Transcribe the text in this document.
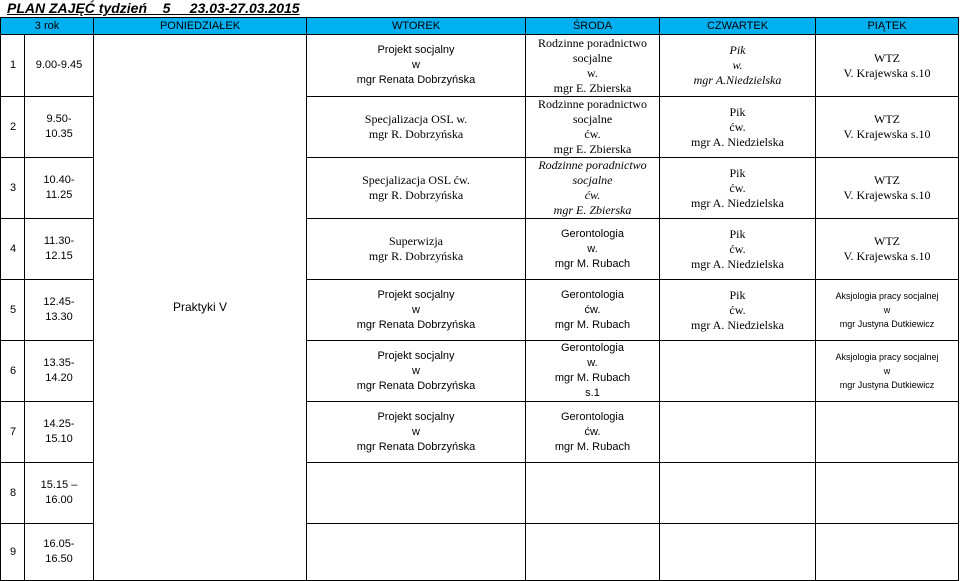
PLAN ZAJĘĆ tydzień    5     23.03-27.03.2015
3 rok		PONIEDZIAŁEK	WTOREK	ŚRODA	CZWARTEK	PIĄTEK
1	9.00-9.45	Praktyki V	Projekt socjalny
w
mgr Renata Dobrzyńska	Rodzinne poradnictwo socjalne
w.
mgr E. Zbierska	Pik
w.
mgr A.Niedzielska	WTZ
V. Krajewska s.10

2	9.50-
10.35		Specjalizacja OSL w.
mgr R. Dobrzyńska	Rodzinne poradnictwo socjalne
ćw.
mgr E. Zbierska	Pik
ćw.
mgr A. Niedzielska	WTZ
V. Krajewska s.10

3	10.40-
11.25		Specjalizacja OSL ćw.
mgr R. Dobrzyńska	Rodzinne poradnictwo socjalne
ćw.
mgr E. Zbierska	Pik
ćw.
mgr A. Niedzielska	WTZ
V. Krajewska s.10

4	11.30-
12.15		Superwizja
mgr R. Dobrzyńska	Gerontologia
w.
mgr M. Rubach	Pik
ćw.
mgr A. Niedzielska	WTZ
V. Krajewska s.10

5	12.45-
13.30		Projekt socjalny
w
mgr Renata Dobrzyńska	Gerontologia
ćw.
mgr M. Rubach	Pik
ćw.
mgr A. Niedzielska	Aksjologia pracy socjalnej
w
mgr Justyna Dutkiewicz

6	13.35-
14.20		Projekt socjalny
w
mgr Renata Dobrzyńska	Gerontologia
w.
mgr M. Rubach
s.1		Aksjologia pracy socjalnej
w
mgr Justyna Dutkiewicz

7	14.25-
15.10		Projekt socjalny
w
mgr Renata Dobrzyńska	Gerontologia
ćw.
mgr M. Rubach		

8	15.15 –
16.00					

9	16.05-
16.50					
